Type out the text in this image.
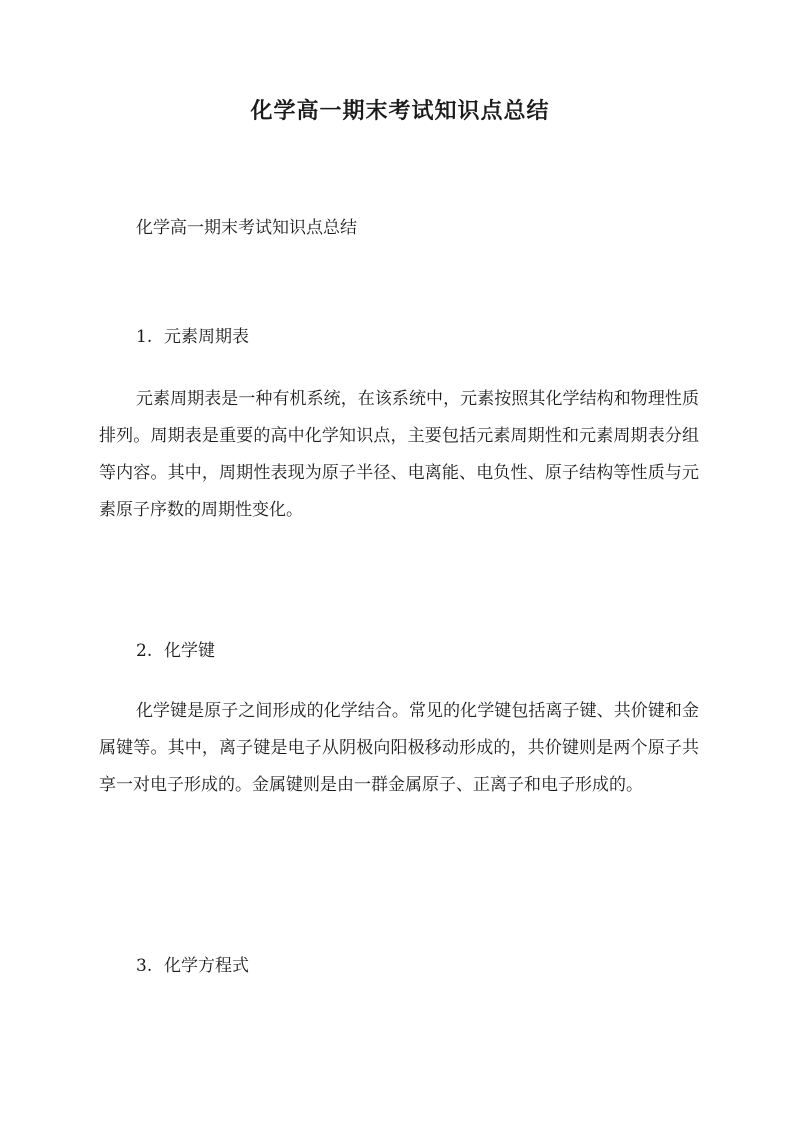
化学高一期末考试知识点总结

化学高一期末考试知识点总结

1. 元素周期表

元素周期表是一种有机系统，在该系统中，元素按照其化学结构和物理性质排列。周期表是重要的高中化学知识点，主要包括元素周期性和元素周期表分组等内容。其中，周期性表现为原子半径、电离能、电负性、原子结构等性质与元素原子序数的周期性变化。

2. 化学键

化学键是原子之间形成的化学结合。常见的化学键包括离子键、共价键和金属键等。其中，离子键是电子从阴极向阳极移动形成的，共价键则是两个原子共享一对电子形成的。金属键则是由一群金属原子、正离子和电子形成的。

3. 化学方程式
